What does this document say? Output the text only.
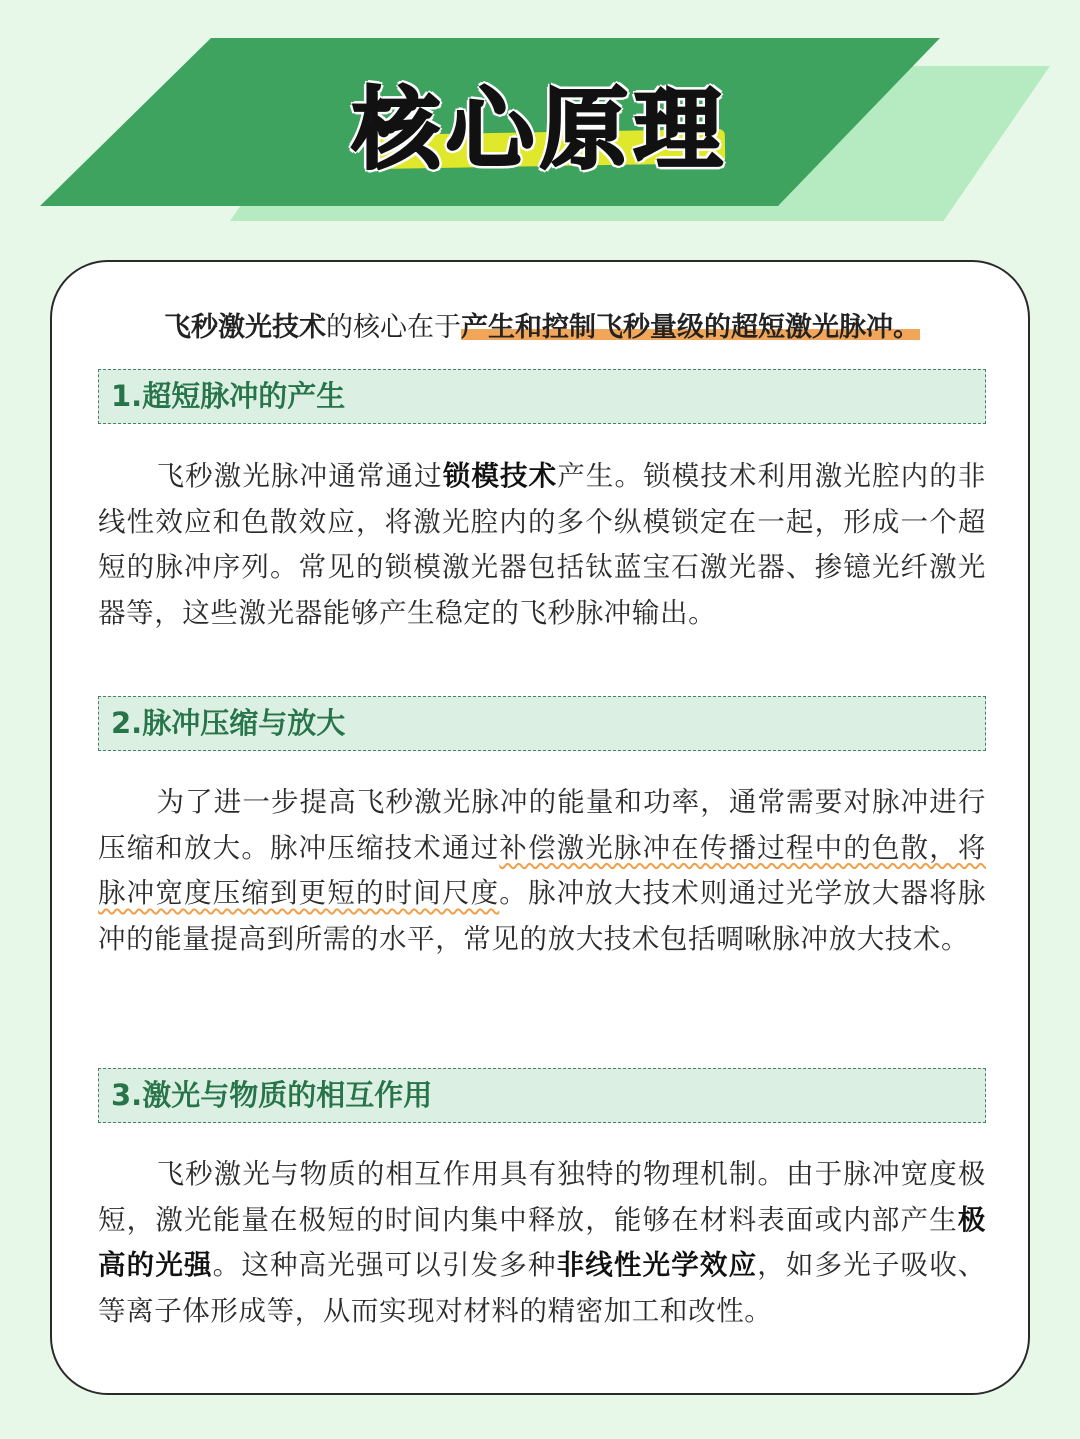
核心原理

飞秒激光技术的核心在于产生和控制飞秒量级的超短激光脉冲。

1.超短脉冲的产生

飞秒激光脉冲通常通过锁模技术产生。锁模技术利用激光腔内的非线性效应和色散效应，将激光腔内的多个纵模锁定在一起，形成一个超短的脉冲序列。常见的锁模激光器包括钛蓝宝石激光器、掺镱光纤激光器等，这些激光器能够产生稳定的飞秒脉冲输出。

2.脉冲压缩与放大

为了进一步提高飞秒激光脉冲的能量和功率，通常需要对脉冲进行压缩和放大。脉冲压缩技术通过补偿激光脉冲在传播过程中的色散，将脉冲宽度压缩到更短的时间尺度。脉冲放大技术则通过光学放大器将脉冲的能量提高到所需的水平，常见的放大技术包括啁啾脉冲放大技术。

3.激光与物质的相互作用

飞秒激光与物质的相互作用具有独特的物理机制。由于脉冲宽度极短，激光能量在极短的时间内集中释放，能够在材料表面或内部产生极高的光强。这种高光强可以引发多种非线性光学效应，如多光子吸收、等离子体形成等，从而实现对材料的精密加工和改性。
